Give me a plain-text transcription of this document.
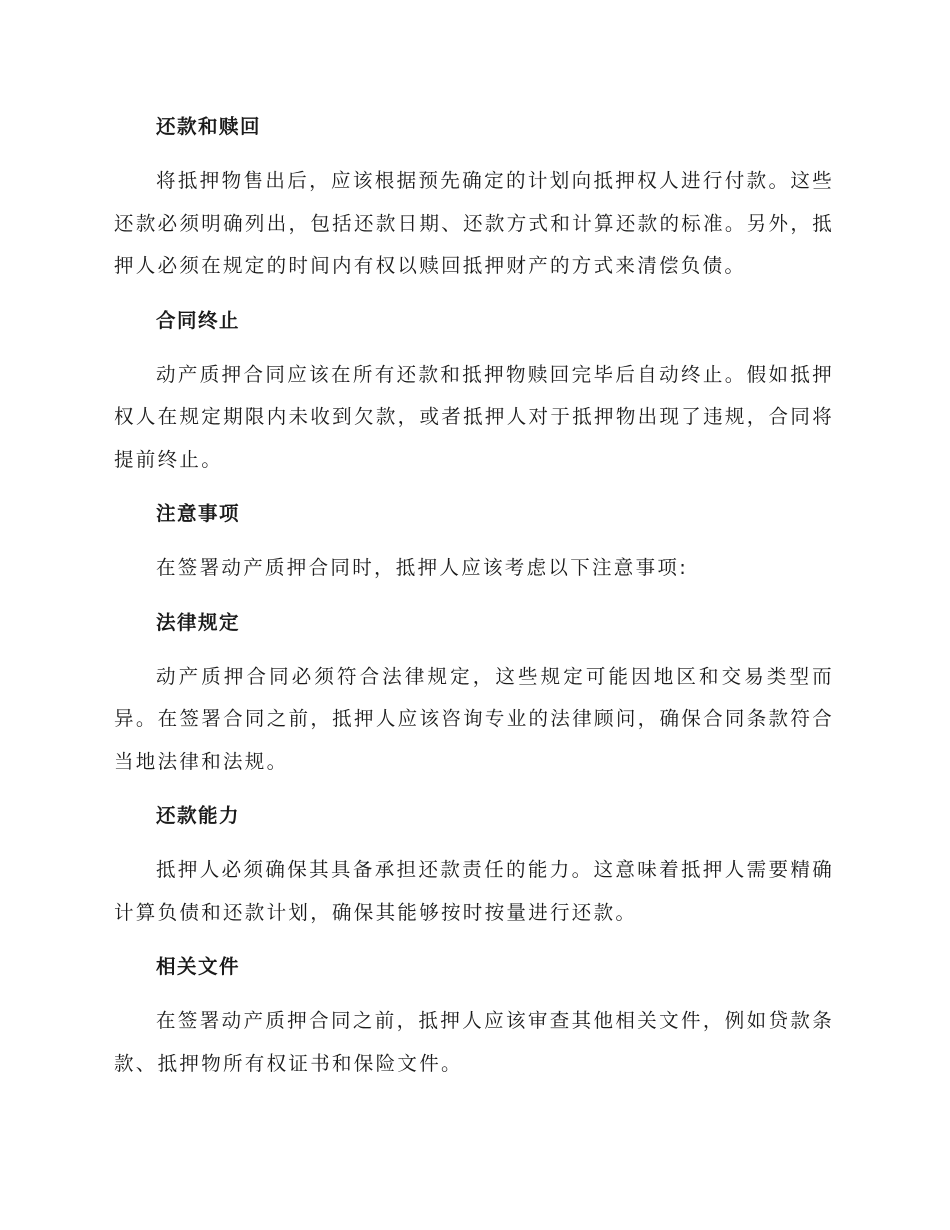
还款和赎回

将抵押物售出后，应该根据预先确定的计划向抵押权人进行付款。这些还款必须明确列出，包括还款日期、还款方式和计算还款的标准。另外，抵押人必须在规定的时间内有权以赎回抵押财产的方式来清偿负债。

合同终止

动产质押合同应该在所有还款和抵押物赎回完毕后自动终止。假如抵押权人在规定期限内未收到欠款，或者抵押人对于抵押物出现了违规，合同将提前终止。

注意事项

在签署动产质押合同时，抵押人应该考虑以下注意事项:

法律规定

动产质押合同必须符合法律规定，这些规定可能因地区和交易类型而异。在签署合同之前，抵押人应该咨询专业的法律顾问，确保合同条款符合当地法律和法规。

还款能力

抵押人必须确保其具备承担还款责任的能力。这意味着抵押人需要精确计算负债和还款计划，确保其能够按时按量进行还款。

相关文件

在签署动产质押合同之前，抵押人应该审查其他相关文件，例如贷款条款、抵押物所有权证书和保险文件。
